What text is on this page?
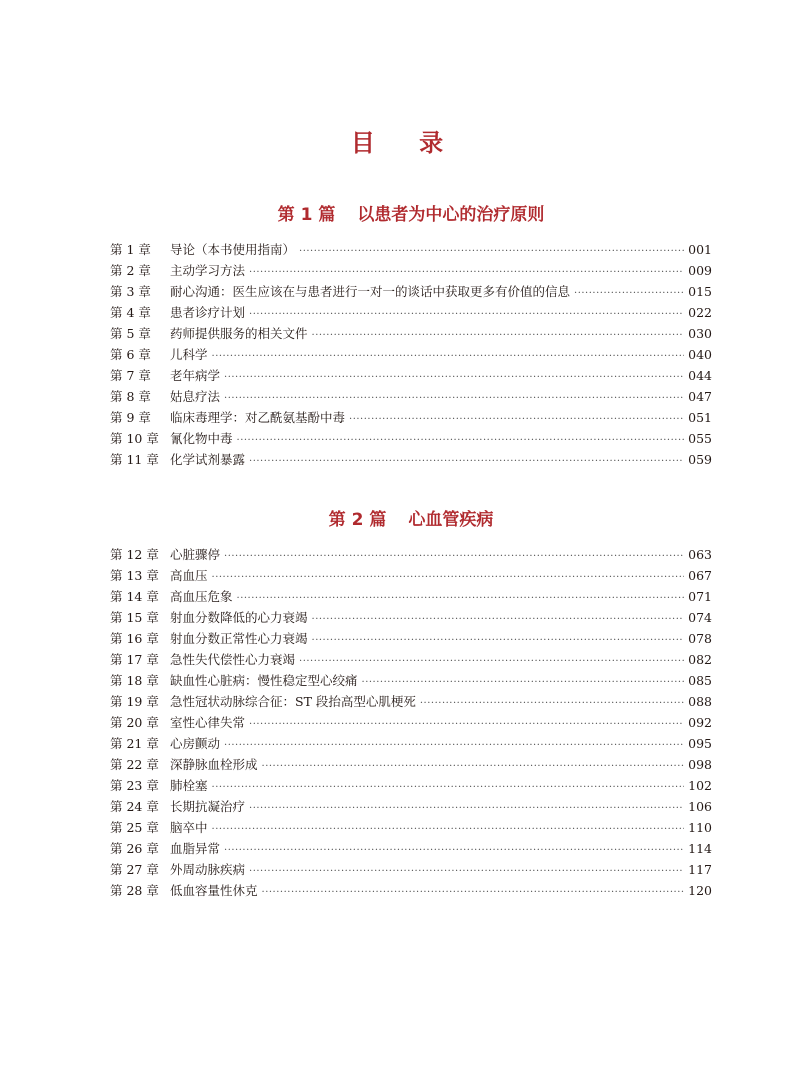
目 录
第 1 篇 以患者为中心的治疗原则
第 1 章	导论（本书使用指南） ·····	001
第 2 章	主动学习方法 ·····	009
第 3 章	耐心沟通：医生应该在与患者进行一对一的谈话中获取更多有价值的信息 ·····	015
第 4 章	患者诊疗计划 ·····	022
第 5 章	药师提供服务的相关文件 ·····	030
第 6 章	儿科学 ·····	040
第 7 章	老年病学 ·····	044
第 8 章	姑息疗法 ·····	047
第 9 章	临床毒理学：对乙酰氨基酚中毒 ·····	051
第 10 章 氰化物中毒 ·····	055
第 11 章 化学试剂暴露 ·····	059
第 2 篇 心血管疾病
第 12 章 心脏骤停 ·····	063
第 13 章 高血压 ·····	067
第 14 章 高血压危象 ·····	071
第 15 章 射血分数降低的心力衰竭 ·····	074
第 16 章 射血分数正常性心力衰竭 ·····	078
第 17 章 急性失代偿性心力衰竭 ·····	082
第 18 章 缺血性心脏病：慢性稳定型心绞痛 ·····	085
第 19 章 急性冠状动脉综合征：ST 段抬高型心肌梗死 ·····	088
第 20 章 室性心律失常 ·····	092
第 21 章 心房颤动 ·····	095
第 22 章 深静脉血栓形成 ·····	098
第 23 章 肺栓塞 ·····	102
第 24 章 长期抗凝治疗 ·····	106
第 25 章 脑卒中 ·····	110
第 26 章 血脂异常 ·····	114
第 27 章 外周动脉疾病 ·····	117
第 28 章 低血容量性休克 ·····	120
